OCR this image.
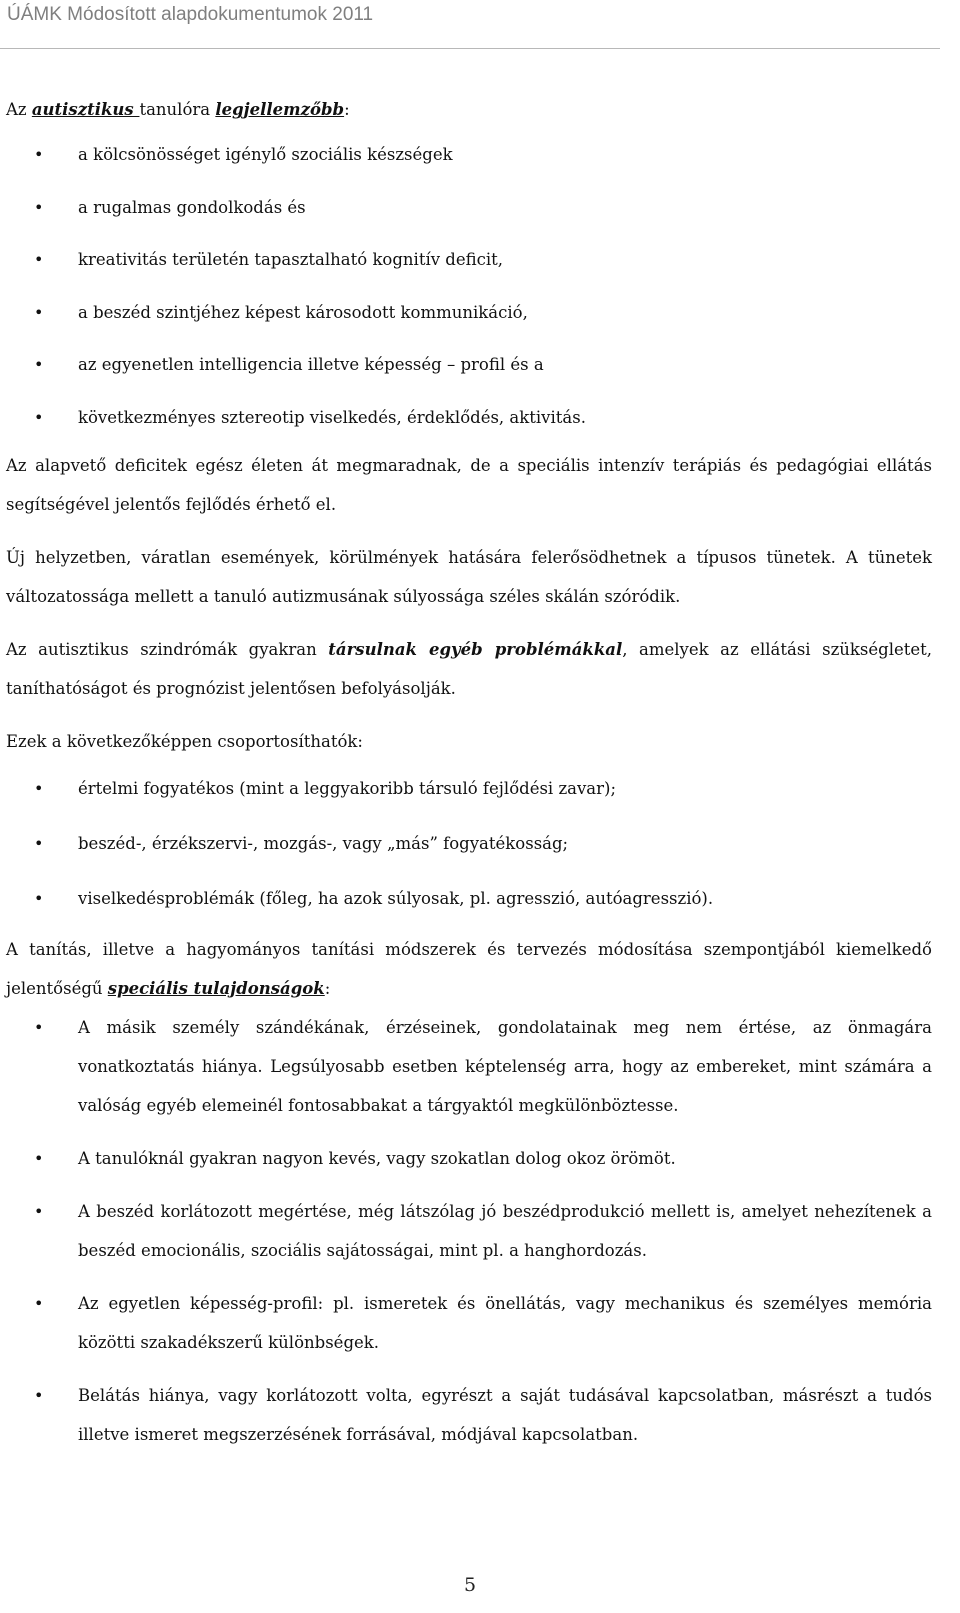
ÚÁMK Módosított alapdokumentumok 2011

Az autisztikus tanulóra legjellemzőbb:

• a kölcsönösséget igénylő szociális készségek
• a rugalmas gondolkodás és
• kreativitás területén tapasztalható kognitív deficit,
• a beszéd szintjéhez képest károsodott kommunikáció,
• az egyenetlen intelligencia illetve képesség – profil és a
• következményes sztereotip viselkedés, érdeklődés, aktivitás.

Az alapvető deficitek egész életen át megmaradnak, de a speciális intenzív terápiás és pedagógiai ellátás segítségével jelentős fejlődés érhető el.

Új helyzetben, váratlan események, körülmények hatására felerősödhetnek a típusos tünetek. A tünetek változatossága mellett a tanuló autizmusának súlyossága széles skálán szóródik.

Az autisztikus szindrómák gyakran társulnak egyéb problémákkal, amelyek az ellátási szükségletet, taníthatóságot és prognózist jelentősen befolyásolják.

Ezek a következőképpen csoportosíthatók:

• értelmi fogyatékos (mint a leggyakoribb társuló fejlődési zavar);
• beszéd-, érzékszervi-, mozgás-, vagy „más” fogyatékosság;
• viselkedésproblémák (főleg, ha azok súlyosak, pl. agresszió, autóagresszió).

A tanítás, illetve a hagyományos tanítási módszerek és tervezés módosítása szempontjából kiemelkedő jelentőségű speciális tulajdonságok:

• A másik személy szándékának, érzéseinek, gondolatainak meg nem értése, az önmagára vonatkoztatás hiánya. Legsúlyosabb esetben képtelenség arra, hogy az embereket, mint számára a valóság egyéb elemeinél fontosabbakat a tárgyaktól megkülönböztesse.
• A tanulóknál gyakran nagyon kevés, vagy szokatlan dolog okoz örömöt.
• A beszéd korlátozott megértése, még látszólag jó beszédprodukció mellett is, amelyet nehezítenek a beszéd emocionális, szociális sajátosságai, mint pl. a hanghordozás.
• Az egyetlen képesség-profil: pl. ismeretek és önellátás, vagy mechanikus és személyes memória közötti szakadékszerű különbségek.
• Belátás hiánya, vagy korlátozott volta, egyrészt a saját tudásával kapcsolatban, másrészt a tudós illetve ismeret megszerzésének forrásával, módjával kapcsolatban.
5
